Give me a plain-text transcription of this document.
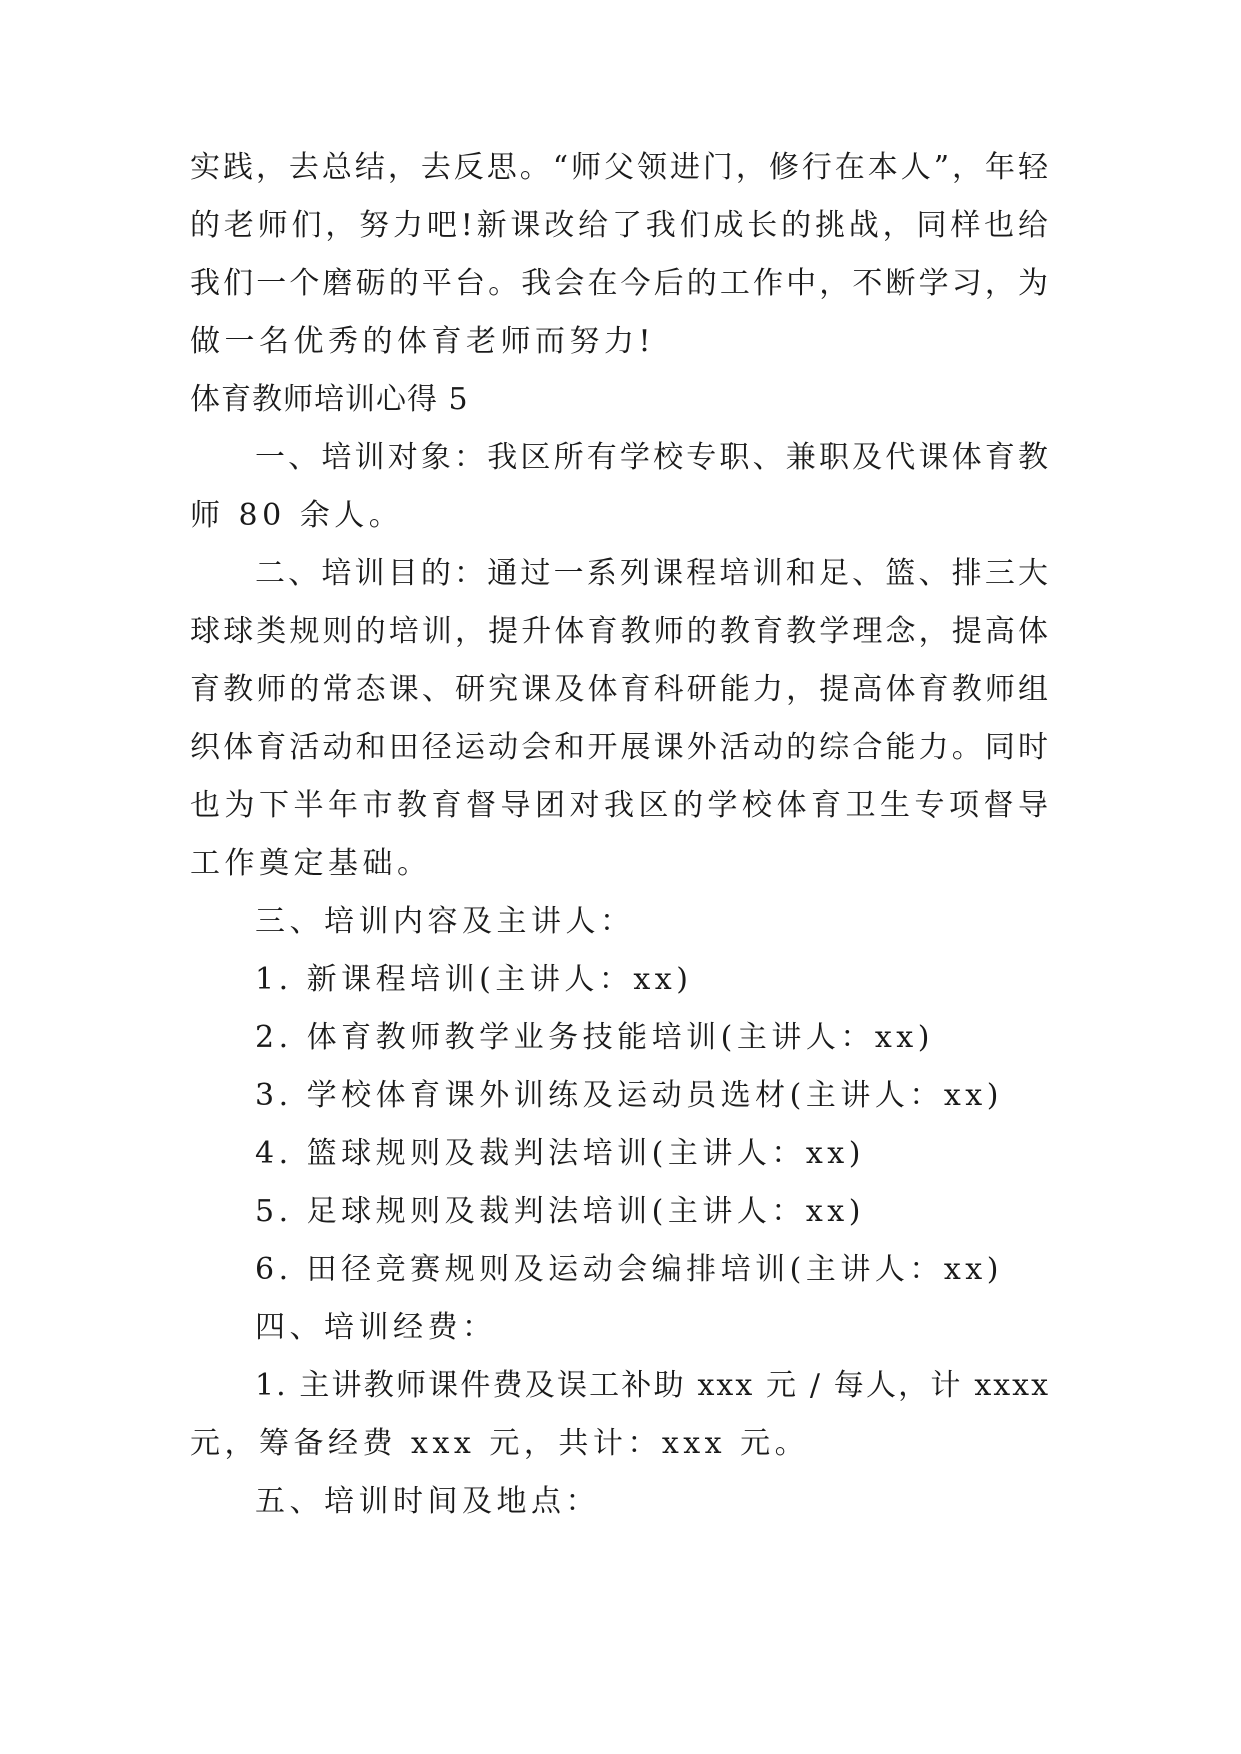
实践，去总结，去反思。“师父领进门，修行在本人”，年轻
的老师们，努力吧!新课改给了我们成长的挑战，同样也给
我们一个磨砺的平台。我会在今后的工作中，不断学习，为
做一名优秀的体育老师而努力!
体育教师培训心得 5
一、培训对象：我区所有学校专职、兼职及代课体育教
师 80 余人。
二、培训目的：通过一系列课程培训和足、篮、排三大
球球类规则的培训，提升体育教师的教育教学理念，提高体
育教师的常态课、研究课及体育科研能力，提高体育教师组
织体育活动和田径运动会和开展课外活动的综合能力。同时
也为下半年市教育督导团对我区的学校体育卫生专项督导
工作奠定基础。
三、培训内容及主讲人：
1. 新课程培训(主讲人：xx)
2. 体育教师教学业务技能培训(主讲人：xx)
3. 学校体育课外训练及运动员选材(主讲人：xx)
4. 篮球规则及裁判法培训(主讲人：xx)
5. 足球规则及裁判法培训(主讲人：xx)
6. 田径竞赛规则及运动会编排培训(主讲人：xx)
四、培训经费：
1. 主讲教师课件费及误工补助 xxx 元 / 每人，计 xxxx
元，筹备经费 xxx 元，共计：xxx 元。
五、培训时间及地点：
